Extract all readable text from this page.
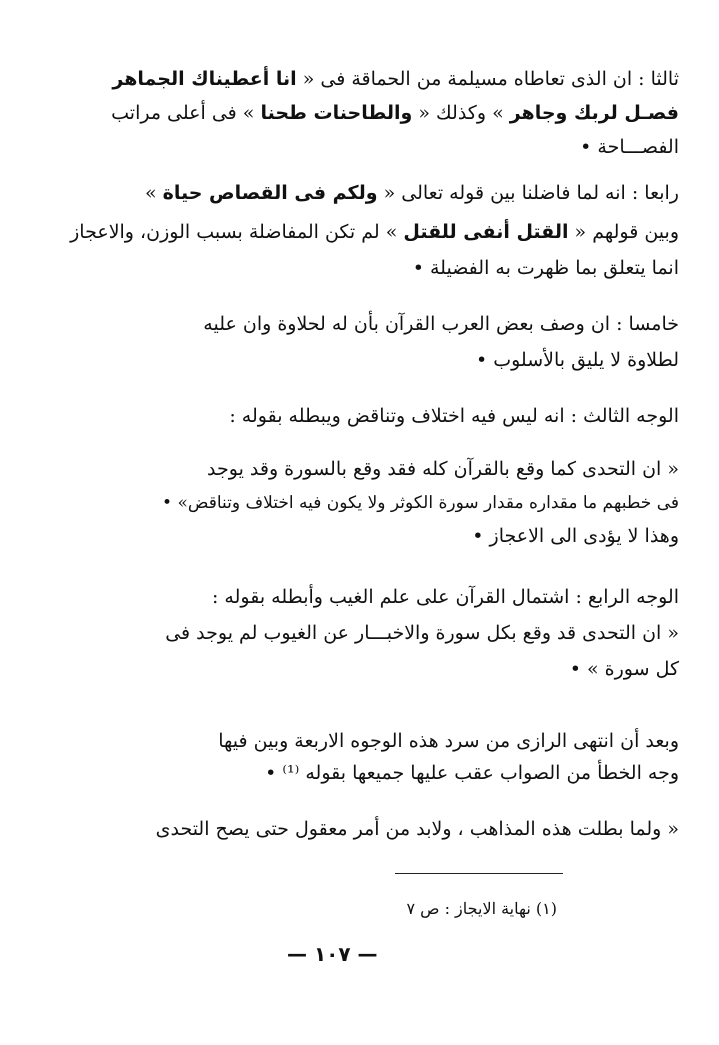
ثالثا : ان الذى تعاطاه مسيلمة من الحماقة فى « انا أعطيناك الجماهر
فصـل لربك وجاهر » وكذلك « والطاحنات طحنا » فى أعلى مراتب
الفصـــاحة •
رابعا : انه لما فاضلنا بين قوله تعالى « ولكم فى القصاص حياة »
وبين قولهم « القتل أنفى للقتل » لم تكن المفاضلة بسبب الوزن، والاعجاز
انما يتعلق بما ظهرت به الفضيلة •
خامسا : ان وصف بعض العرب القرآن بأن له لحلاوة وان عليه
لطلاوة لا يليق بالأسلوب •
الوجه الثالث : انه ليس فيه اختلاف وتناقض ويبطله بقوله :
« ان التحدى كما وقع بالقرآن كله فقد وقع بالسورة وقد يوجد
فى خطبهم ما مقداره مقدار سورة الكوثر ولا يكون فيه اختلاف وتناقض» •
وهذا لا يؤدى الى الاعجاز •
الوجه الرابع : اشتمال القرآن على علم الغيب وأبطله بقوله :
« ان التحدى قد وقع بكل سورة والاخبـــار عن الغيوب لم يوجد فى
كل سورة » •
وبعد أن انتهى الرازى من سرد هذه الوجوه الاربعة وبين فيها
وجه الخطأ من الصواب عقب عليها جميعها بقوله ⁽¹⁾ •
« ولما بطلت هذه المذاهب ، ولابد من أمر معقول حتى يصح التحدى
(١) نهاية الايجاز : ص ٧
— ١٠٧ —
